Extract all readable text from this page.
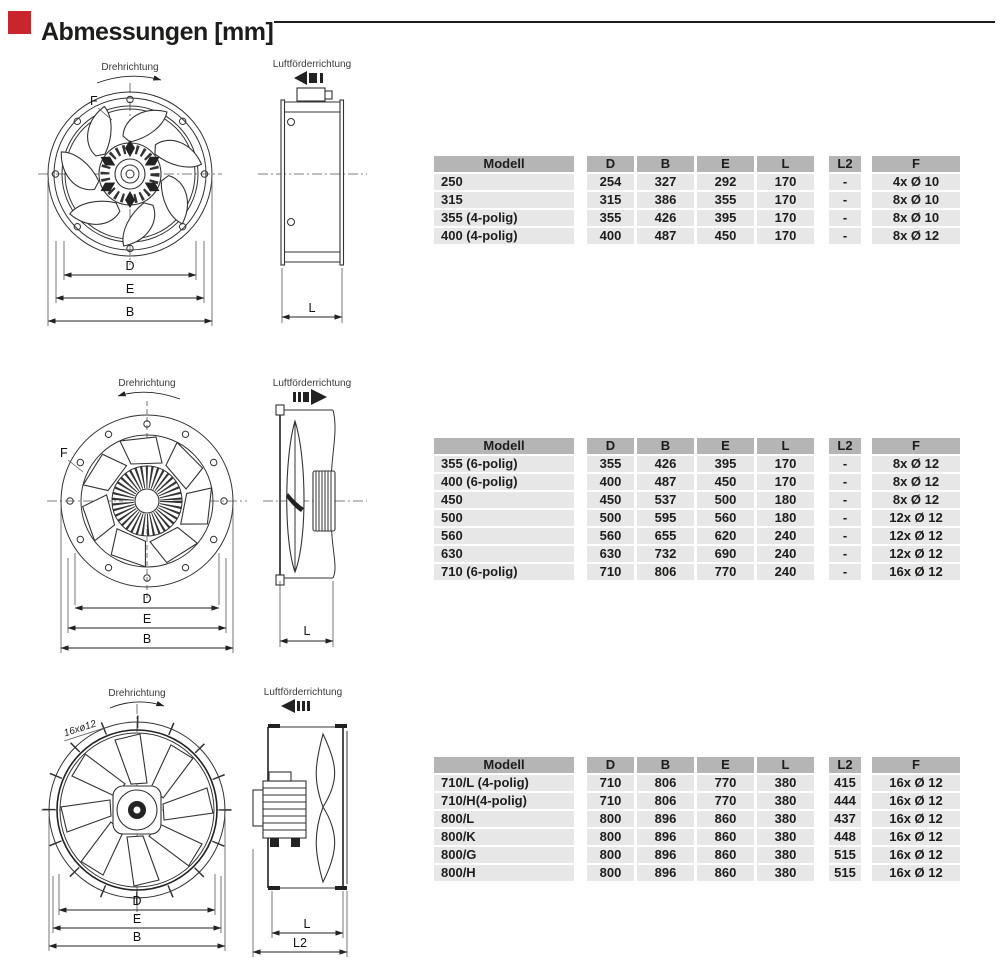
Abmessungen [mm]
Drehrichtung
F
D
E
B
Luftförderrichtung
L
Drehrichtung
F
D
E
B
Luftförderrichtung
L
Drehrichtung
16xø12
D
E
B
Luftförderrichtung
L
L2
Modell	D	B	E	L	L2	F
250	254	327	292	170	-	4x Ø 10
315	315	386	355	170	-	8x Ø 10
355 (4-polig)	355	426	395	170	-	8x Ø 10
400 (4-polig)	400	487	450	170	-	8x Ø 12
Modell	D	B	E	L	L2	F
355 (6-polig)	355	426	395	170	-	8x Ø 12
400 (6-polig)	400	487	450	170	-	8x Ø 12
450	450	537	500	180	-	8x Ø 12
500	500	595	560	180	-	12x Ø 12
560	560	655	620	240	-	12x Ø 12
630	630	732	690	240	-	12x Ø 12
710 (6-polig)	710	806	770	240	-	16x Ø 12
Modell	D	B	E	L	L2	F
710/L (4-polig)	710	806	770	380	415	16x Ø 12
710/H(4-polig)	710	806	770	380	444	16x Ø 12
800/L	800	896	860	380	437	16x Ø 12
800/K	800	896	860	380	448	16x Ø 12
800/G	800	896	860	380	515	16x Ø 12
800/H	800	896	860	380	515	16x Ø 12
